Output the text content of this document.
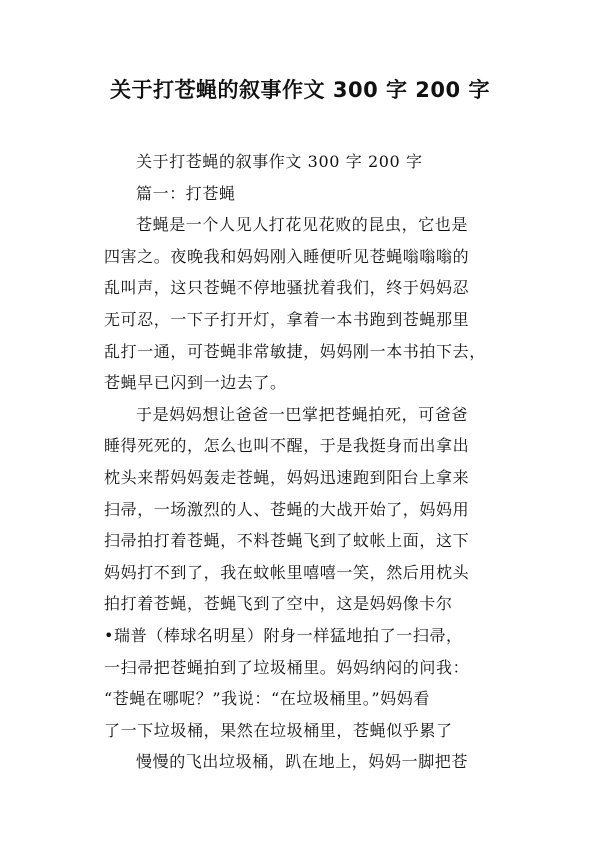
关于打苍蝇的叙事作文 300 字 200 字

关于打苍蝇的叙事作文 300 字 200 字

篇一：打苍蝇

苍蝇是一个人见人打花见花败的昆虫，它也是

四害之。夜晚我和妈妈刚入睡便听见苍蝇嗡嗡嗡的

乱叫声，这只苍蝇不停地骚扰着我们，终于妈妈忍

无可忍，一下子打开灯，拿着一本书跑到苍蝇那里

乱打一通，可苍蝇非常敏捷，妈妈刚一本书拍下去，

苍蝇早已闪到一边去了。

于是妈妈想让爸爸一巴掌把苍蝇拍死，可爸爸

睡得死死的，怎么也叫不醒，于是我挺身而出拿出

枕头来帮妈妈轰走苍蝇，妈妈迅速跑到阳台上拿来

扫帚，一场激烈的人、苍蝇的大战开始了，妈妈用

扫帚拍打着苍蝇，不料苍蝇飞到了蚊帐上面，这下

妈妈打不到了，我在蚊帐里嘻嘻一笑，然后用枕头

拍打着苍蝇，苍蝇飞到了空中，这是妈妈像卡尔

•瑞普（棒球名明星）附身一样猛地拍了一扫帚，

一扫帚把苍蝇拍到了垃圾桶里。妈妈纳闷的问我：

“苍蝇在哪呢？”我说：“在垃圾桶里。”妈妈看

了一下垃圾桶，果然在垃圾桶里，苍蝇似乎累了

慢慢的飞出垃圾桶，趴在地上，妈妈一脚把苍
